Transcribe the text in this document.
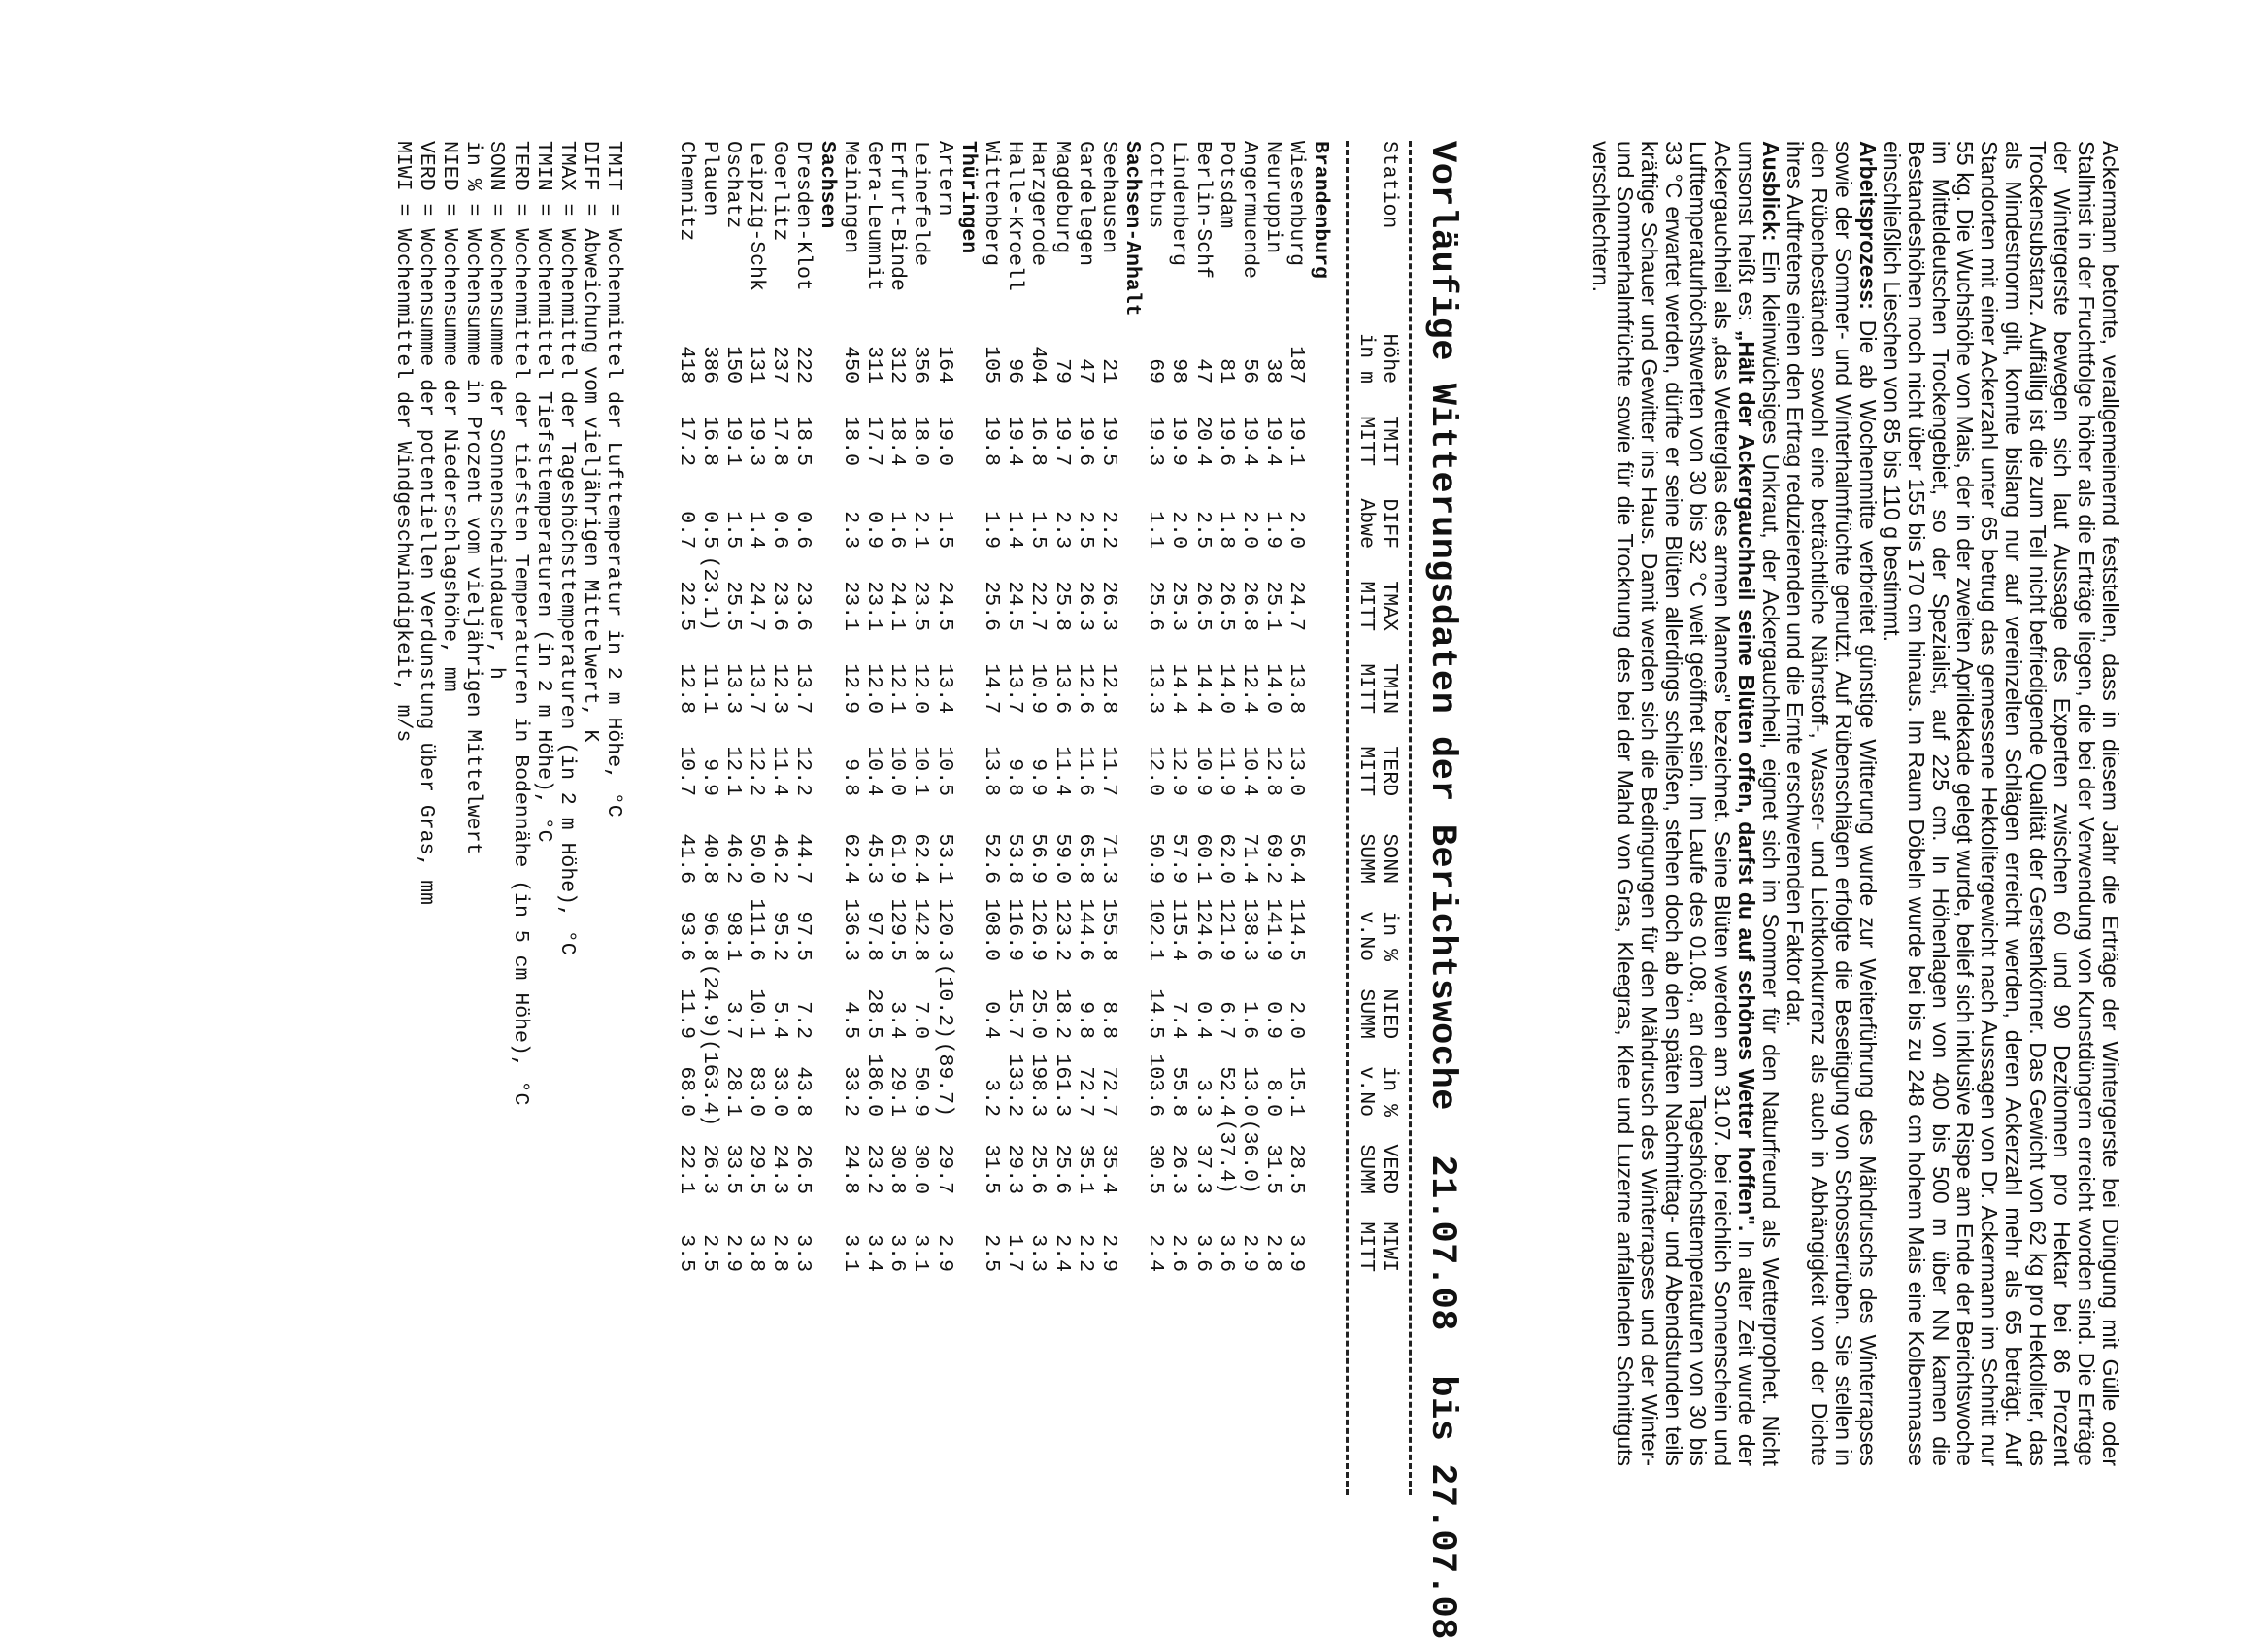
Ackermann betonte, verallgemeinernd feststellen, dass in diesem Jahr die Erträge der Wintergerste bei Düngung mit Gülle oder Stallmist in der Fruchtfolge höher als die Erträge liegen, die bei der Verwendung von Kunstdüngern erreicht worden sind. Die Erträge der Wintergerste bewegen sich laut Aussage des Experten zwischen 60 und 90 Dezitonnen pro Hektar bei 86 Prozent Trockensubstanz. Auffällig ist die zum Teil nicht befriedigende Qualität der Gerstenkörner. Das Gewicht von 62 kg pro Hektoliter, das als Mindestnorm gilt, konnte bislang nur auf vereinzelten Schlägen erreicht werden, deren Ackerzahl mehr als 65 beträgt. Auf Standorten mit einer Ackerzahl unter 65 betrug das gemessene Hektolitergewicht nach Aussagen von Dr. Ackermann im Schnitt nur 55 kg. Die Wuchshöhe von Mais, der in der zweiten Aprildekade gelegt wurde, belief sich inklusive Rispe am Ende der Berichtswoche im Mitteldeutschen Trockengebiet, so der Spezialist, auf 225 cm. In Höhenlagen von 400 bis 500 m über NN kamen die Bestandeshöhen noch nicht über 155 bis 170 cm hinaus. Im Raum Döbeln wurde bei bis zu 248 cm hohem Mais eine Kolbenmasse einschließlich Lieschen von 85 bis 110 g bestimmt.

Arbeitsprozess: Die ab Wochenmitte verbreitet günstige Witterung wurde zur Weiterführung des Mähdruschs des Winterrapses sowie der Sommer- und Winterhalmfrüchte genutzt. Auf Rübenschlägen erfolgte die Beseitigung von Schosserrüben. Sie stellen in den Rübenbeständen sowohl eine beträchtliche Nährstoff-, Wasser- und Lichtkonkurrenz als auch in Abhängigkeit von der Dichte ihres Auftretens einen den Ertrag reduzierenden und die Ernte erschwerenden Faktor dar.

Ausblick: Ein kleinwüchsiges Unkraut, der Ackergauchheil, eignet sich im Sommer für den Naturfreund als Wetterprophet. Nicht umsonst heißt es: „Hält der Ackergauchheil seine Blüten offen, darfst du auf schönes Wetter hoffen". In alter Zeit wurde der Ackergauchheil als „das Wetterglas des armen Mannes" bezeichnet. Seine Blüten werden am 31.07. bei reichlich Sonnenschein und Lufttemperaturhöchstwerten von 30 bis 32 °C weit geöffnet sein. Im Laufe des 01.08., an dem Tageshöchsttemperaturen von 30 bis 33 °C erwartet werden, dürfte er seine Blüten allerdings schließen, stehen doch ab den späten Nachmittag- und Abendstunden teils kräftige Schauer und Gewitter ins Haus. Damit werden sich die Bedingungen für den Mähdrusch des Winterrapses und der Winter- und Sommerhalmfrüchte sowie für die Trocknung des bei der Mahd von Gras, Kleegras, Klee und Luzerne anfallenden Schnittguts verschlechtern.

Vorläufige Witterungsdaten der Berichtswoche  21.07.08  bis 27.07.08
Station
Höhe
TMIT
DIFF
TMAX
TMIN
TERD
SONN
in %
NIED
in %
VERD
MIWI
in m
MITT
Abwe
MITT
MITT
MITT
SUMM
v.No
SUMM
v.No
SUMM
MITT
Brandenburg
Wiesenburg
187
19.1
2.0
24.7
13.8
13.0
56.4
114.5
2.0
15.1
28.5
3.9
Neuruppin
38
19.4
1.9
25.1
14.0
12.8
69.2
141.9
0.9
8.0
31.5
2.8
Angermuende
56
19.4
2.0
26.8
12.4
10.4
71.4
138.3
1.6
13.0
(36.0)
2.9
Potsdam
81
19.6
1.8
26.5
14.0
11.9
62.0
121.9
6.7
52.4
(37.4)
3.6
Berlin-Schf
47
20.4
2.5
26.5
14.4
10.9
60.1
124.6
0.4
3.3
37.3
3.6
Lindenberg
98
19.9
2.0
25.3
14.4
12.9
57.9
115.4
7.4
55.8
26.3
2.6
Cottbus
69
19.3
1.1
25.6
13.3
12.0
50.9
102.1
14.5
103.6
30.5
2.4
Sachsen-Anhalt
Seehausen
21
19.5
2.2
26.3
12.8
11.7
71.3
155.8
8.8
72.7
35.4
2.9
Gardelegen
47
19.6
2.5
26.3
12.6
11.6
65.8
144.6
9.8
72.7
35.1
2.2
Magdeburg
79
19.7
2.3
25.8
13.6
11.4
59.0
123.2
18.2
161.3
25.6
2.4
Harzgerode
404
16.8
1.5
22.7
10.9
9.9
56.9
126.9
25.0
198.3
25.6
3.3
Halle-Kroell
96
19.4
1.4
24.5
13.7
9.8
53.8
116.9
15.7
133.2
29.3
1.7
Wittenberg
105
19.8
1.9
25.6
14.7
13.8
52.6
108.0
0.4
3.2
31.5
2.5
Thüringen
Artern
164
19.0
1.5
24.5
13.4
10.5
53.1
120.3
(10.2)
(89.7)
29.7
2.9
Leinefelde
356
18.0
2.1
23.5
12.0
10.1
62.4
142.8
7.0
50.9
30.0
3.1
Erfurt-Binde
312
18.4
1.6
24.1
12.1
10.0
61.9
129.5
3.4
29.1
30.8
3.6
Gera-Leumnit
311
17.7
0.9
23.1
12.0
10.4
45.3
97.8
28.5
186.0
23.2
3.4
Meiningen
450
18.0
2.3
23.1
12.9
9.8
62.4
136.3
4.5
33.2
24.8
3.1
Sachsen
Dresden-Klot
222
18.5
0.6
23.6
13.7
12.2
44.7
97.5
7.2
43.8
26.5
3.3
Goerlitz
237
17.8
0.6
23.6
12.3
11.4
46.2
95.2
5.4
33.0
24.3
2.8
Leipzig-Schk
131
19.3
1.4
24.7
13.7
12.2
50.0
111.6
10.1
83.0
29.5
3.8
Oschatz
150
19.1
1.5
25.5
13.3
12.1
46.2
98.1
3.7
28.1
33.5
2.9
Plauen
386
16.8
0.5
(23.1)
11.1
9.9
40.8
96.8
(24.9)
(163.4)
26.3
2.5
Chemnitz
418
17.2
0.7
22.5
12.8
10.7
41.6
93.6
11.9
68.0
22.1
3.5
TMIT = Wochenmittel der Lufttemperatur in 2 m Höhe, °C
DIFF = Abweichung vom vieljährigen Mittelwert, K
TMAX = Wochenmittel der Tageshöchsttemperaturen (in 2 m Höhe), °C
TMIN = Wochenmittel Tiefsttemperaturen (in 2 m Höhe), °C
TERD = Wochenmittel der tiefsten Temperaturen in Bodennähe (in 5 cm Höhe), °C
SONN = Wochensumme der Sonnenscheindauer, h
in % = Wochensumme in Prozent vom vieljährigen Mittelwert
NIED = Wochensumme der Niederschlagshöhe, mm
VERD = Wochensumme der potentiellen Verdunstung über Gras, mm
MIWI = Wochenmittel der Windgeschwindigkeit, m/s
